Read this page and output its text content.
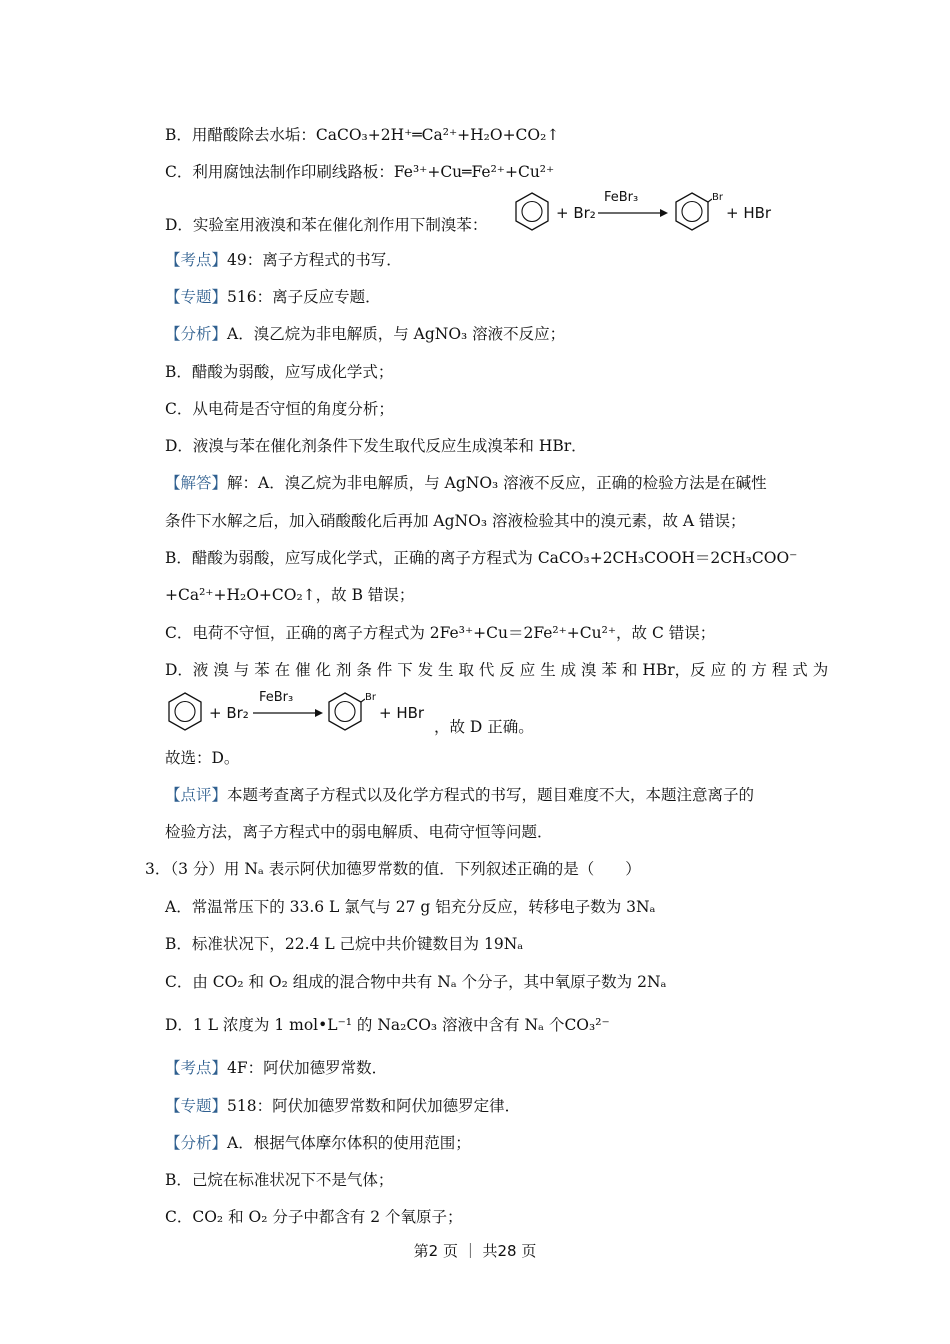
B．用醋酸除去水垢：CaCO₃+2H⁺═Ca²⁺+H₂O+CO₂↑
C．利用腐蚀法制作印刷线路板：Fe³⁺+Cu═Fe²⁺+Cu²⁺
D．实验室用液溴和苯在催化剂作用下制溴苯：
+ Br₂
FeBr₃	Br
+ HBr
【考点】49：离子方程式的书写．
【专题】516：离子反应专题．
【分析】A．溴乙烷为非电解质，与 AgNO₃ 溶液不反应；
B．醋酸为弱酸，应写成化学式；
C．从电荷是否守恒的角度分析；
D．液溴与苯在催化剂条件下发生取代反应生成溴苯和 HBr．
【解答】解：A．溴乙烷为非电解质，与 AgNO₃ 溶液不反应，正确的检验方法是在碱性
条件下水解之后，加入硝酸酸化后再加 AgNO₃ 溶液检验其中的溴元素，故 A 错误；
B．醋酸为弱酸，应写成化学式，正确的离子方程式为 CaCO₃+2CH₃COOH＝2CH₃COO⁻
+Ca²⁺+H₂O+CO₂↑，故 B 错误；
C．电荷不守恒，正确的离子方程式为 2Fe³⁺+Cu＝2Fe²⁺+Cu²⁺，故 C 错误；
D．液 溴 与 苯 在 催 化 剂 条 件 下 发 生 取 代 反 应 生 成 溴 苯 和 HBr，反 应 的 方 程 式 为
+ Br₂
FeBr₃	Br
+ HBr
，故 D 正确。
故选：D。
【点评】本题考查离子方程式以及化学方程式的书写，题目难度不大，本题注意离子的
检验方法，离子方程式中的弱电解质、电荷守恒等问题．
3．（3 分）用 Nₐ 表示阿伏加德罗常数的值．下列叙述正确的是（　　）
A．常温常压下的 33.6 L 氯气与 27 g 铝充分反应，转移电子数为 3Nₐ
B．标准状况下，22.4 L 己烷中共价键数目为 19Nₐ
C．由 CO₂ 和 O₂ 组成的混合物中共有 Nₐ 个分子，其中氧原子数为 2Nₐ
D．1 L 浓度为 1 mol•L⁻¹ 的 Na₂CO₃ 溶液中含有 Nₐ 个CO₃²⁻
【考点】4F：阿伏加德罗常数．
【专题】518：阿伏加德罗常数和阿伏加德罗定律．
【分析】A．根据气体摩尔体积的使用范围；
B．己烷在标准状况下不是气体；
C．CO₂ 和 O₂ 分子中都含有 2 个氧原子；
第2 页 ｜ 共28 页
